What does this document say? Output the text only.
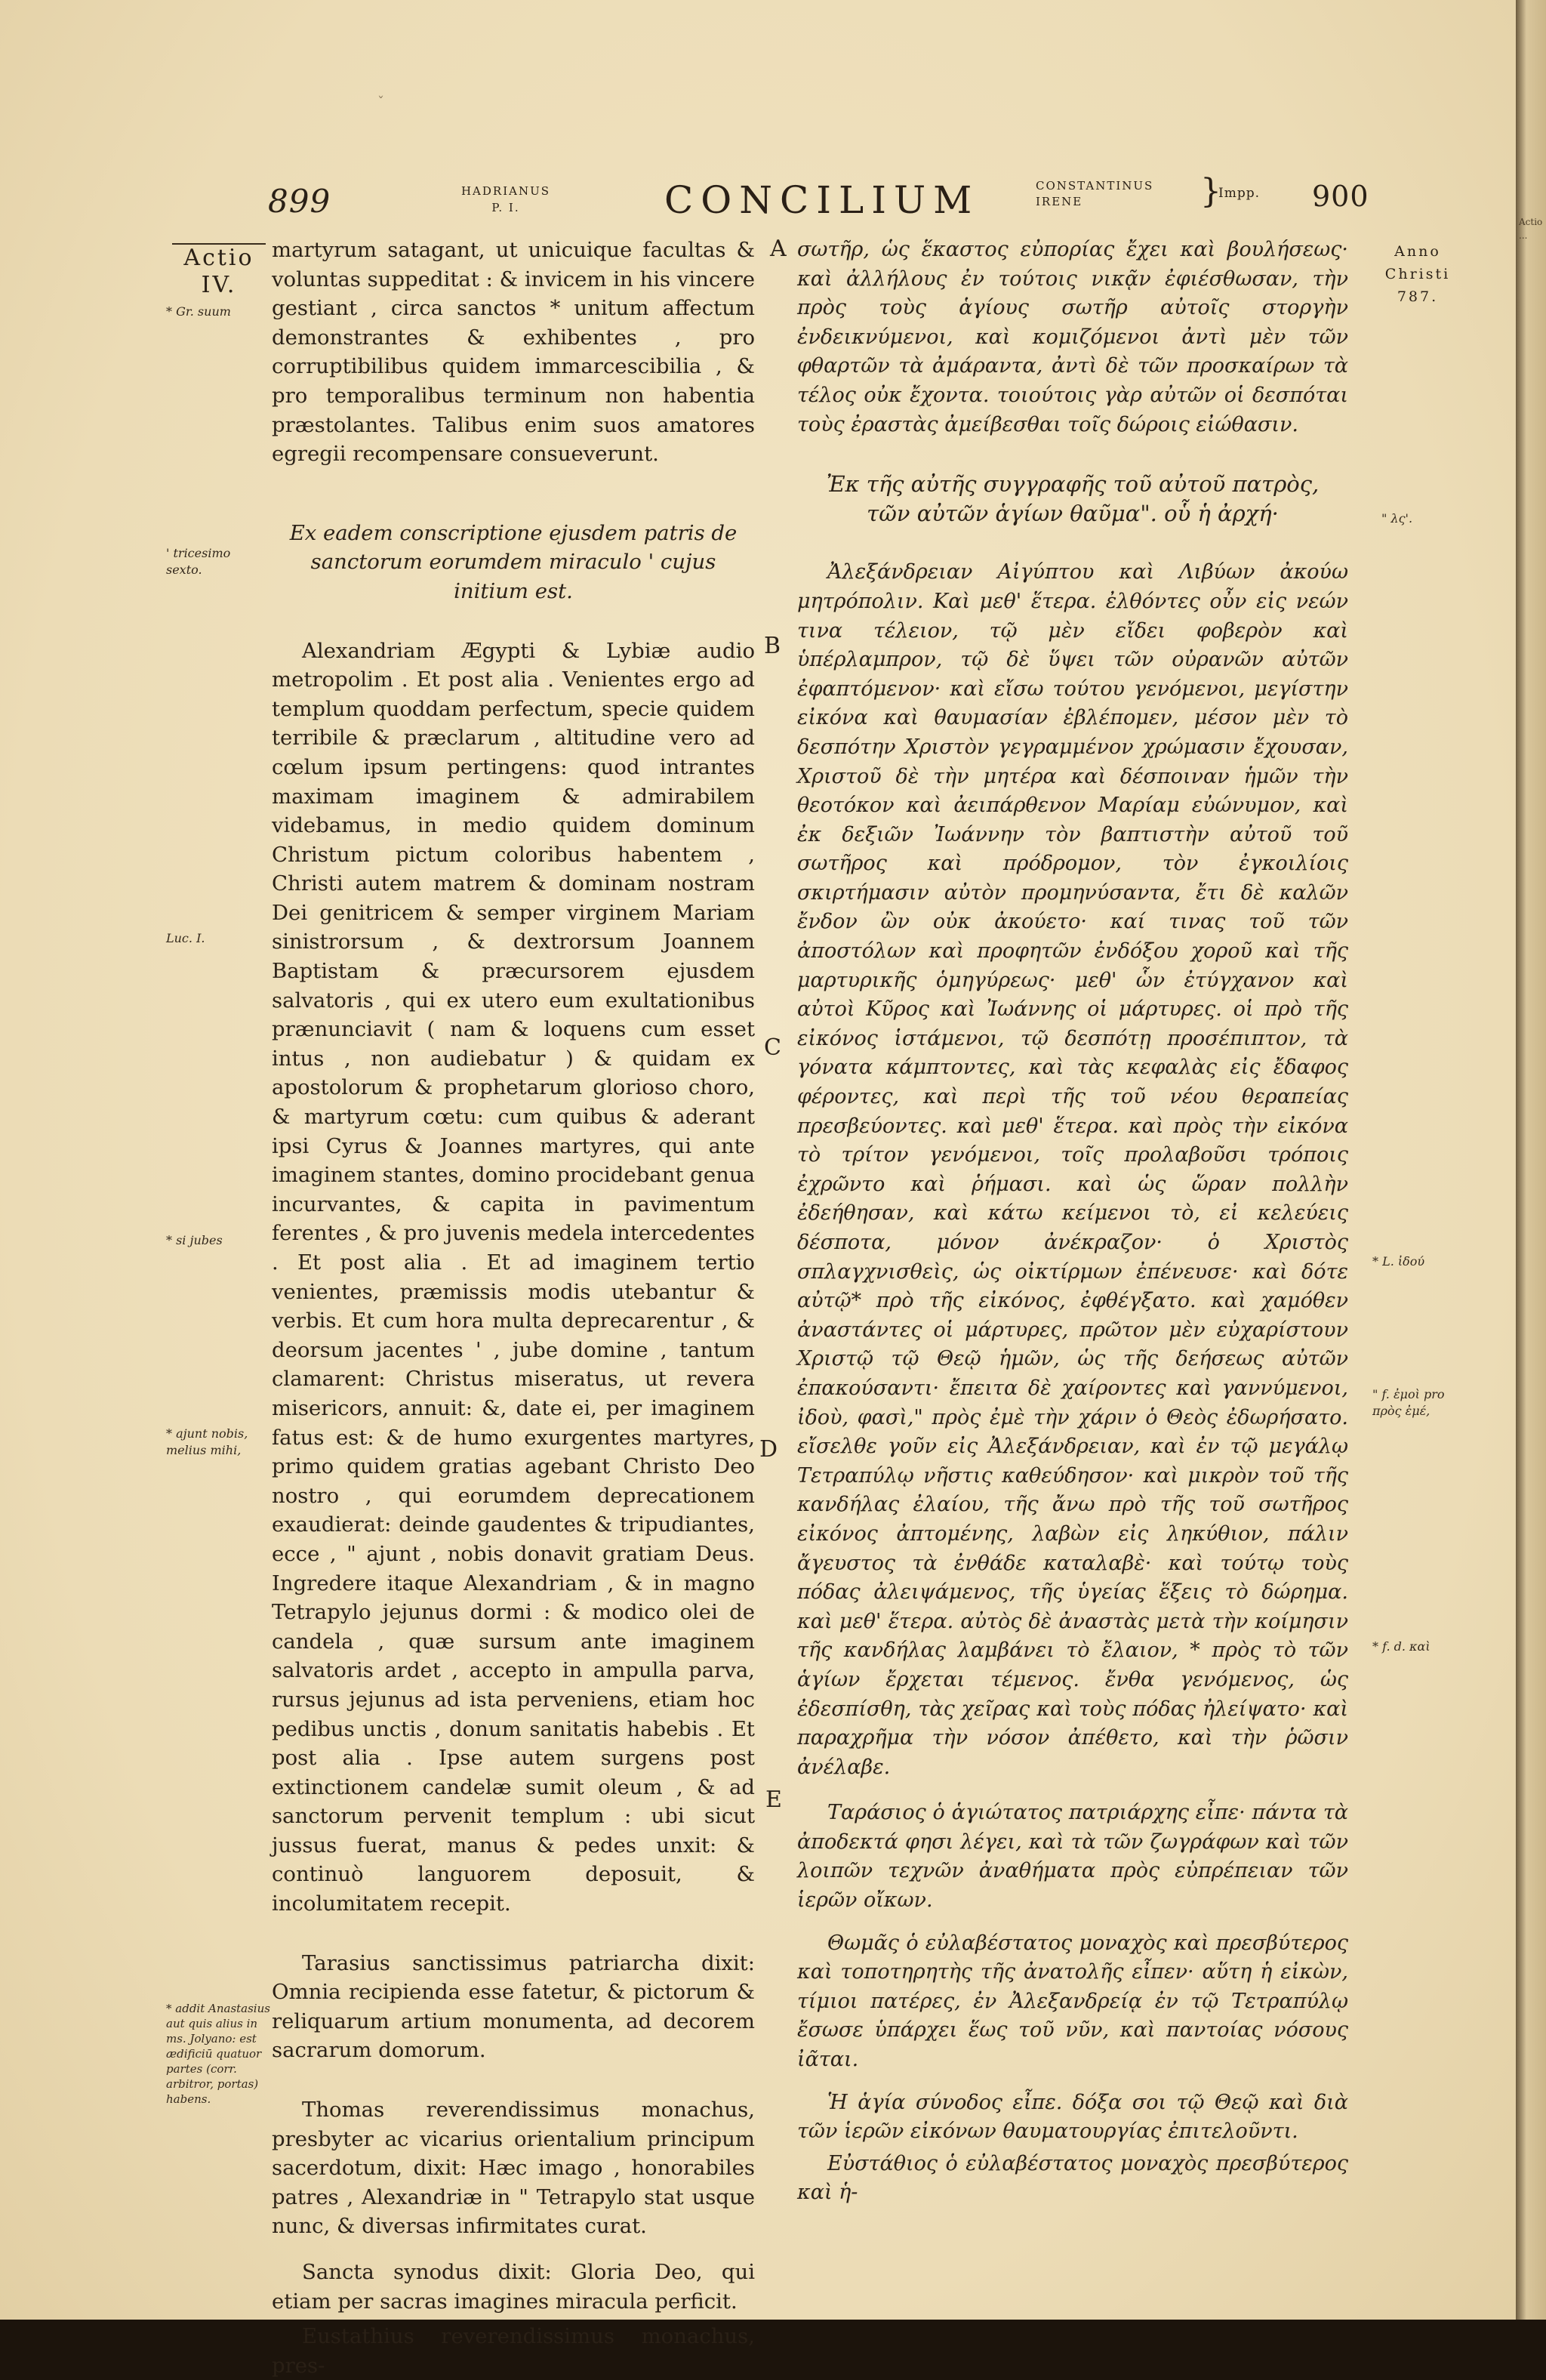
ˇ
899	HADRIANUS
P. I.	CONCILIUM	CONSTANTINUS
IRENE	}
Impp. 900
Actio
IV.
* Gr. suum
' tricesimo sexto.
Luc. I.
* si jubes
* ajunt nobis, melius mihi,
* addit Anastasius aut quis alius in ms. Jolyano: est ædificiū quatuor partes (corr. arbitror, portas) habens.
Anno
Christi
787.
" λς'.
* L. ἰδού
" f. ἐμοὶ pro πρὸς ἐμέ,
* f. d. καὶ
A
B
C
D
E

martyrum satagant, ut unicuique facultas & voluntas suppeditat : & invicem in his vincere gestiant , circa sanctos * unitum affectum demonstrantes & exhibentes , pro corruptibilibus quidem immarcescibilia , & pro temporalibus terminum non habentia præstolantes. Talibus enim suos amatores egregii recompensare consueverunt.

Ex eadem conscriptione ejusdem patris de sanctorum eorumdem miraculo ' cujus initium est.

Alexandriam Ægypti & Lybiæ audio metropolim . Et post alia . Venientes ergo ad templum quoddam perfectum, specie quidem terribile & præclarum , altitudine vero ad cœlum ipsum pertingens: quod intrantes maximam imaginem & admirabilem videbamus, in medio quidem dominum Christum pictum coloribus habentem , Christi autem matrem & dominam nostram Dei genitricem & semper virginem Mariam sinistrorsum , & dextrorsum Joannem Baptistam & præcursorem ejusdem salvatoris , qui ex utero eum exultationibus prænunciavit ( nam & loquens cum esset intus , non audiebatur ) & quidam ex apostolorum & prophetarum glorioso choro, & martyrum cœtu: cum quibus & aderant ipsi Cyrus & Joannes martyres, qui ante imaginem stantes, domino procidebant genua incurvantes, & capita in pavimentum ferentes , & pro juvenis medela intercedentes . Et post alia . Et ad imaginem tertio venientes, præmissis modis utebantur & verbis. Et cum hora multa deprecarentur , & deorsum jacentes ' , jube domine , tantum clamarent: Christus miseratus, ut revera misericors, annuit: &, date ei, per imaginem fatus est: & de humo exurgentes martyres, primo quidem gratias agebant Christo Deo nostro , qui eorumdem deprecationem exaudierat: deinde gaudentes & tripudiantes, ecce , " ajunt , nobis donavit gratiam Deus. Ingredere itaque Alexandriam , & in magno Tetrapylo jejunus dormi : & modico olei de candela , quæ sursum ante imaginem salvatoris ardet , accepto in ampulla parva, rursus jejunus ad ista perveniens, etiam hoc pedibus unctis , donum sanitatis habebis . Et post alia . Ipse autem surgens post extinctionem candelæ sumit oleum , & ad sanctorum pervenit templum : ubi sicut jussus fuerat, manus & pedes unxit: & continuò languorem deposuit, & incolumitatem recepit.

Tarasius sanctissimus patriarcha dixit: Omnia recipienda esse fatetur, & pictorum & reliquarum artium monumenta, ad decorem sacrarum domorum.

Thomas reverendissimus monachus, presbyter ac vicarius orientalium principum sacerdotum, dixit: Hæc imago , honorabiles patres , Alexandriæ in " Tetrapylo stat usque nunc, & diversas infirmitates curat.

Sancta synodus dixit: Gloria Deo, qui etiam per sacras imagines miracula perficit.

Eustathius reverendissimus monachus, pres-

σωτῆρ, ὡς ἕκαστος εὐπορίας ἔχει καὶ βουλήσεως· καὶ ἀλλήλους ἐν τούτοις νικᾷν ἐφιέσθωσαν, τὴν πρὸς τοὺς ἁγίους σωτῆρ αὐτοῖς στοργὴν ἐνδεικνύμενοι, καὶ κομιζόμενοι ἀντὶ μὲν τῶν φθαρτῶν τὰ ἀμάραντα, ἀντὶ δὲ τῶν προσκαίρων τὰ τέλος οὐκ ἔχοντα. τοιούτοις γὰρ αὐτῶν οἱ δεσπόται τοὺς ἐραστὰς ἀμείβεσθαι τοῖς δώροις εἰώθασιν.

Ἐκ τῆς αὐτῆς συγγραφῆς τοῦ αὐτοῦ πατρὸς, τῶν αὐτῶν ἁγίων θαῦμα". οὗ ἡ ἀρχή·

Ἀλεξάνδρειαν Αἰγύπτου καὶ Λιβύων ἀκούω μητρόπολιν. Καὶ μεθ' ἕτερα. ἐλθόντες οὖν εἰς νεών τινα τέλειον, τῷ μὲν εἴδει φοβερὸν καὶ ὑπέρλαμπρον, τῷ δὲ ὕψει τῶν οὐρανῶν αὐτῶν ἐφαπτόμενον· καὶ εἴσω τούτου γενόμενοι, μεγίστην εἰκόνα καὶ θαυμασίαν ἐβλέπομεν, μέσον μὲν τὸ δεσπότην Χριστὸν γεγραμμένον χρώμασιν ἔχουσαν, Χριστοῦ δὲ τὴν μητέρα καὶ δέσποιναν ἡμῶν τὴν θεοτόκον καὶ ἀειπάρθενον Μαρίαμ εὐώνυμον, καὶ ἐκ δεξιῶν Ἰωάννην τὸν βαπτιστὴν αὐτοῦ τοῦ σωτῆρος καὶ πρόδρομον, τὸν ἐγκοιλίοις σκιρτήμασιν αὐτὸν προμηνύσαντα, ἔτι δὲ καλῶν ἔνδον ὢν οὐκ ἀκούετο· καί τινας τοῦ τῶν ἀποστόλων καὶ προφητῶν ἐνδόξου χοροῦ καὶ τῆς μαρτυρικῆς ὁμηγύρεως· μεθ' ὧν ἐτύγχανον καὶ αὐτοὶ Κῦρος καὶ Ἰωάννης οἱ μάρτυρες. οἱ πρὸ τῆς εἰκόνος ἱστάμενοι, τῷ δεσπότῃ προσέπιπτον, τὰ γόνατα κάμπτοντες, καὶ τὰς κεφαλὰς εἰς ἔδαφος φέροντες, καὶ περὶ τῆς τοῦ νέου θεραπείας πρεσβεύοντες. καὶ μεθ' ἕτερα. καὶ πρὸς τὴν εἰκόνα τὸ τρίτον γενόμενοι, τοῖς προλαβοῦσι τρόποις ἐχρῶντο καὶ ῥήμασι. καὶ ὡς ὥραν πολλὴν ἐδεήθησαν, καὶ κάτω κείμενοι τὸ, εἰ κελεύεις δέσποτα, μόνον ἀνέκραζον· ὁ Χριστὸς σπλαγχνισθεὶς, ὡς οἰκτίρμων ἐπένευσε· καὶ δότε αὐτῷ* πρὸ τῆς εἰκόνος, ἐφθέγξατο. καὶ χαμόθεν ἀναστάντες οἱ μάρτυρες, πρῶτον μὲν εὐχαρίστουν Χριστῷ τῷ Θεῷ ἡμῶν, ὡς τῆς δεήσεως αὐτῶν ἐπακούσαντι· ἔπειτα δὲ χαίροντες καὶ γαννύμενοι, ἰδοὺ, φασὶ," πρὸς ἐμὲ τὴν χάριν ὁ Θεὸς ἐδωρήσατο. εἴσελθε γοῦν εἰς Ἀλεξάνδρειαν, καὶ ἐν τῷ μεγάλῳ Τετραπύλῳ νῆστις καθεύδησον· καὶ μικρὸν τοῦ τῆς κανδήλας ἐλαίου, τῆς ἄνω πρὸ τῆς τοῦ σωτῆρος εἰκόνος ἀπτομένης, λαβὼν εἰς ληκύθιον, πάλιν ἄγευστος τὰ ἐνθάδε καταλαβὲ· καὶ τούτῳ τοὺς πόδας ἀλειψάμενος, τῆς ὑγείας ἕξεις τὸ δώρημα. καὶ μεθ' ἕτερα. αὐτὸς δὲ ἀναστὰς μετὰ τὴν κοίμησιν τῆς κανδήλας λαμβάνει τὸ ἔλαιον, * πρὸς τὸ τῶν ἁγίων ἔρχεται τέμενος. ἔνθα γενόμενος, ὡς ἐδεσπίσθη, τὰς χεῖρας καὶ τοὺς πόδας ἠλείψατο· καὶ παραχρῆμα τὴν νόσον ἀπέθετο, καὶ τὴν ῥῶσιν ἀνέλαβε.

Ταράσιος ὁ ἁγιώτατος πατριάρχης εἶπε· πάντα τὰ ἀποδεκτά φησι λέγει, καὶ τὰ τῶν ζωγράφων καὶ τῶν λοιπῶν τεχνῶν ἀναθήματα πρὸς εὐπρέπειαν τῶν ἱερῶν οἴκων.

Θωμᾶς ὁ εὐλαβέστατος μοναχὸς καὶ πρεσβύτερος καὶ τοποτηρητὴς τῆς ἀνατολῆς εἶπεν· αὕτη ἡ εἰκὼν, τίμιοι πατέρες, ἐν Ἀλεξανδρείᾳ ἐν τῷ Τετραπύλῳ ἔσωσε ὑπάρχει ἕως τοῦ νῦν, καὶ παντοίας νόσους ἰᾶται.

Ἡ ἁγία σύνοδος εἶπε. δόξα σοι τῷ Θεῷ καὶ διὰ τῶν ἱερῶν εἰκόνων θαυματουργίας ἐπιτελοῦντι.

Εὐστάθιος ὁ εὐλαβέστατος μοναχὸς πρεσβύτερος καὶ ἡ-

Actio ...
